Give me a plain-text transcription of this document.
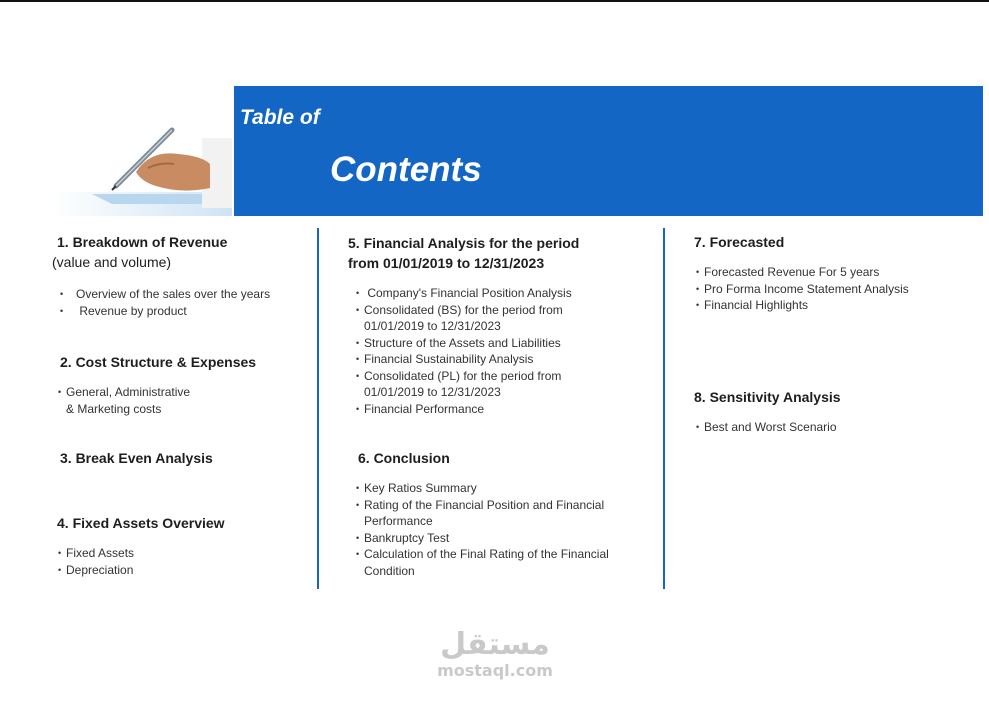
Table of
Contents
1. Breakdown of Revenue
(value and volume)
• Overview of the sales over the years
•  Revenue by product
2. Cost Structure & Expenses
• General, Administrative
& Marketing costs
3. Break Even Analysis
4. Fixed Assets Overview
• Fixed Assets
• Depreciation
5. Financial Analysis for the period
from 01/01/2019 to 12/31/2023
•  Company's Financial Position Analysis
• Consolidated (BS) for the period from 01/01/2019 to 12/31/2023
• Structure of the Assets and Liabilities
• Financial Sustainability Analysis
• Consolidated (PL) for the period from 01/01/2019 to 12/31/2023
• Financial Performance
6. Conclusion
• Key Ratios Summary
• Rating of the Financial Position and Financial Performance
• Bankruptcy Test
• Calculation of the Final Rating of the Financial Condition
7. Forecasted
• Forecasted Revenue For 5 years
• Pro Forma Income Statement Analysis
• Financial Highlights
8. Sensitivity Analysis
• Best and Worst Scenario
مستقل
mostaql.com
